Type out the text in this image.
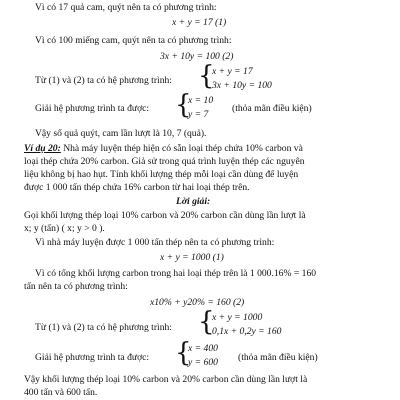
Vì có 17 quả cam, quýt nên ta có phương trình:
x + y = 17 (1)
Vì có 100 miếng cam, quýt nên ta có phương trình:
3x + 10y = 100 (2)
Từ (1) và (2) ta có hệ phương trình: {
x + y = 17
3x + 10y = 100
Giải hệ phương trình ta được: {
x = 10
y = 7
(thỏa mãn điều kiện)
Vậy số quả quýt, cam lần lượt là 10, 7 (quả).
Ví dụ 20: Nhà máy luyện thép hiện có sẵn loại thép chứa 10% carbon và
loại thép chứa 20% carbon. Giả sử trong quá trình luyện thép các nguyên
liệu không bị hao hụt. Tính khối lượng thép mỗi loại cần dùng để luyện
được 1 000 tấn thép chứa 16% carbon từ hai loại thép trên.
Lời giải:
Gọi khối lượng thép loại 10% carbon và 20% carbon cần dùng lần lượt là
x; y (tấn) ( x; y > 0 ).
Vì nhà máy luyện được 1 000 tấn thép nên ta có phương trình:
x + y = 1000 (1)
Vì có tổng khối lượng carbon trong hai loại thép trên là 1 000.16% = 160
tấn nên ta có phương trình:
x10% + y20% = 160 (2)
Từ (1) và (2) ta có hệ phương trình: {
x + y = 1000
0,1x + 0,2y = 160
Giải hệ phương trình ta được: {
x = 400
y = 600 (thỏa mãn điều kiện)
Vậy khối lượng thép loại 10% carbon và 20% carbon cần dùng lần lượt là
400 tấn và 600 tấn.
